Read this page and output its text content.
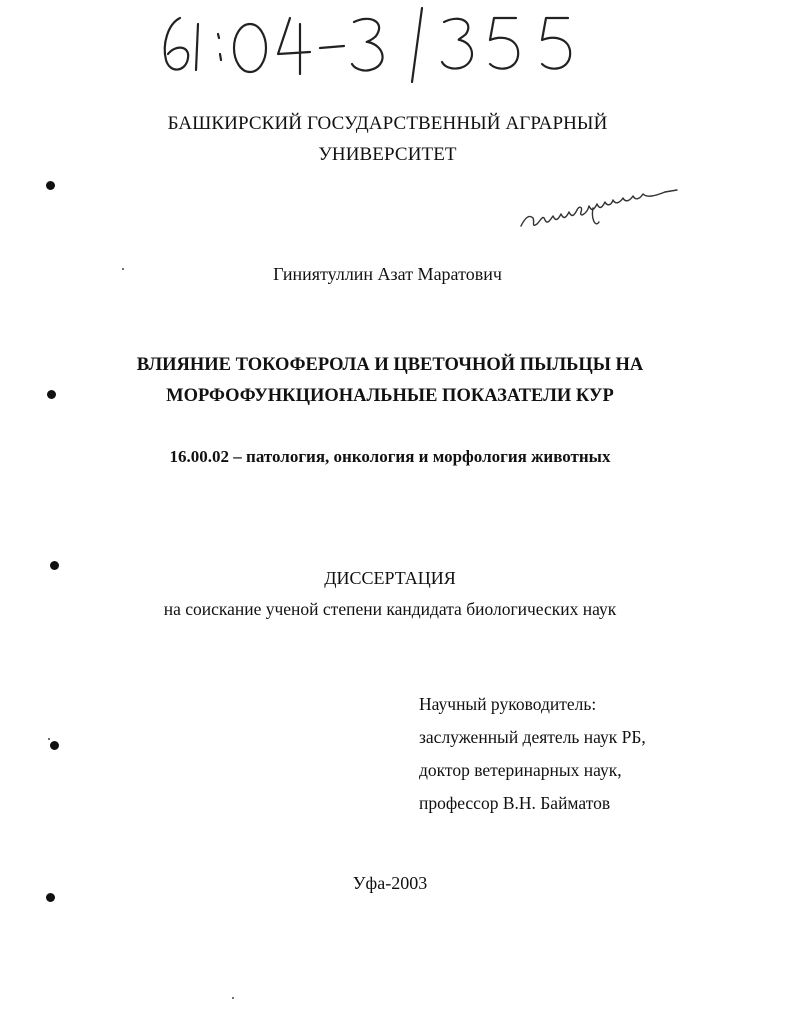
БАШКИРСКИЙ ГОСУДАРСТВЕННЫЙ АГРАРНЫЙ
УНИВЕРСИТЕТ
Гиниятуллин Азат Маратович
ВЛИЯНИЕ ТОКОФЕРОЛА И ЦВЕТОЧНОЙ ПЫЛЬЦЫ НА
МОРФОФУНКЦИОНАЛЬНЫЕ ПОКАЗАТЕЛИ КУР
16.00.02 – патология, онкология и морфология животных
ДИССЕРТАЦИЯ
на соискание ученой степени кандидата биологических наук
Научный руководитель:
заслуженный деятель наук РБ,
доктор ветеринарных наук,
профессор В.Н. Байматов
Уфа-2003
